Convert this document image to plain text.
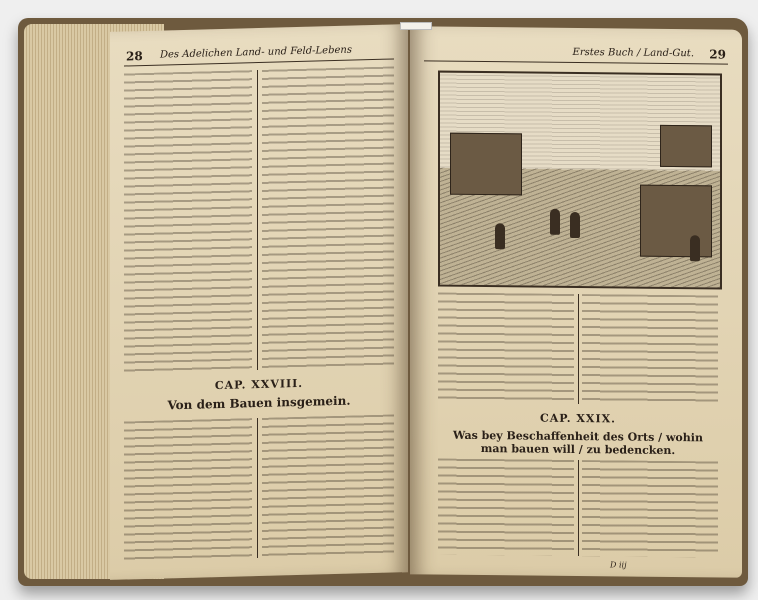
28 Des Adelichen Land- und Feld-Lebens
CAP. XXVIII.
Von dem Bauen insgemein.
Erstes Buch / Land-Gut. 29
CAP. XXIX.
Was bey Beschaffenheit des Orts / wohin man bauen will / zu bedencken.
D iij
